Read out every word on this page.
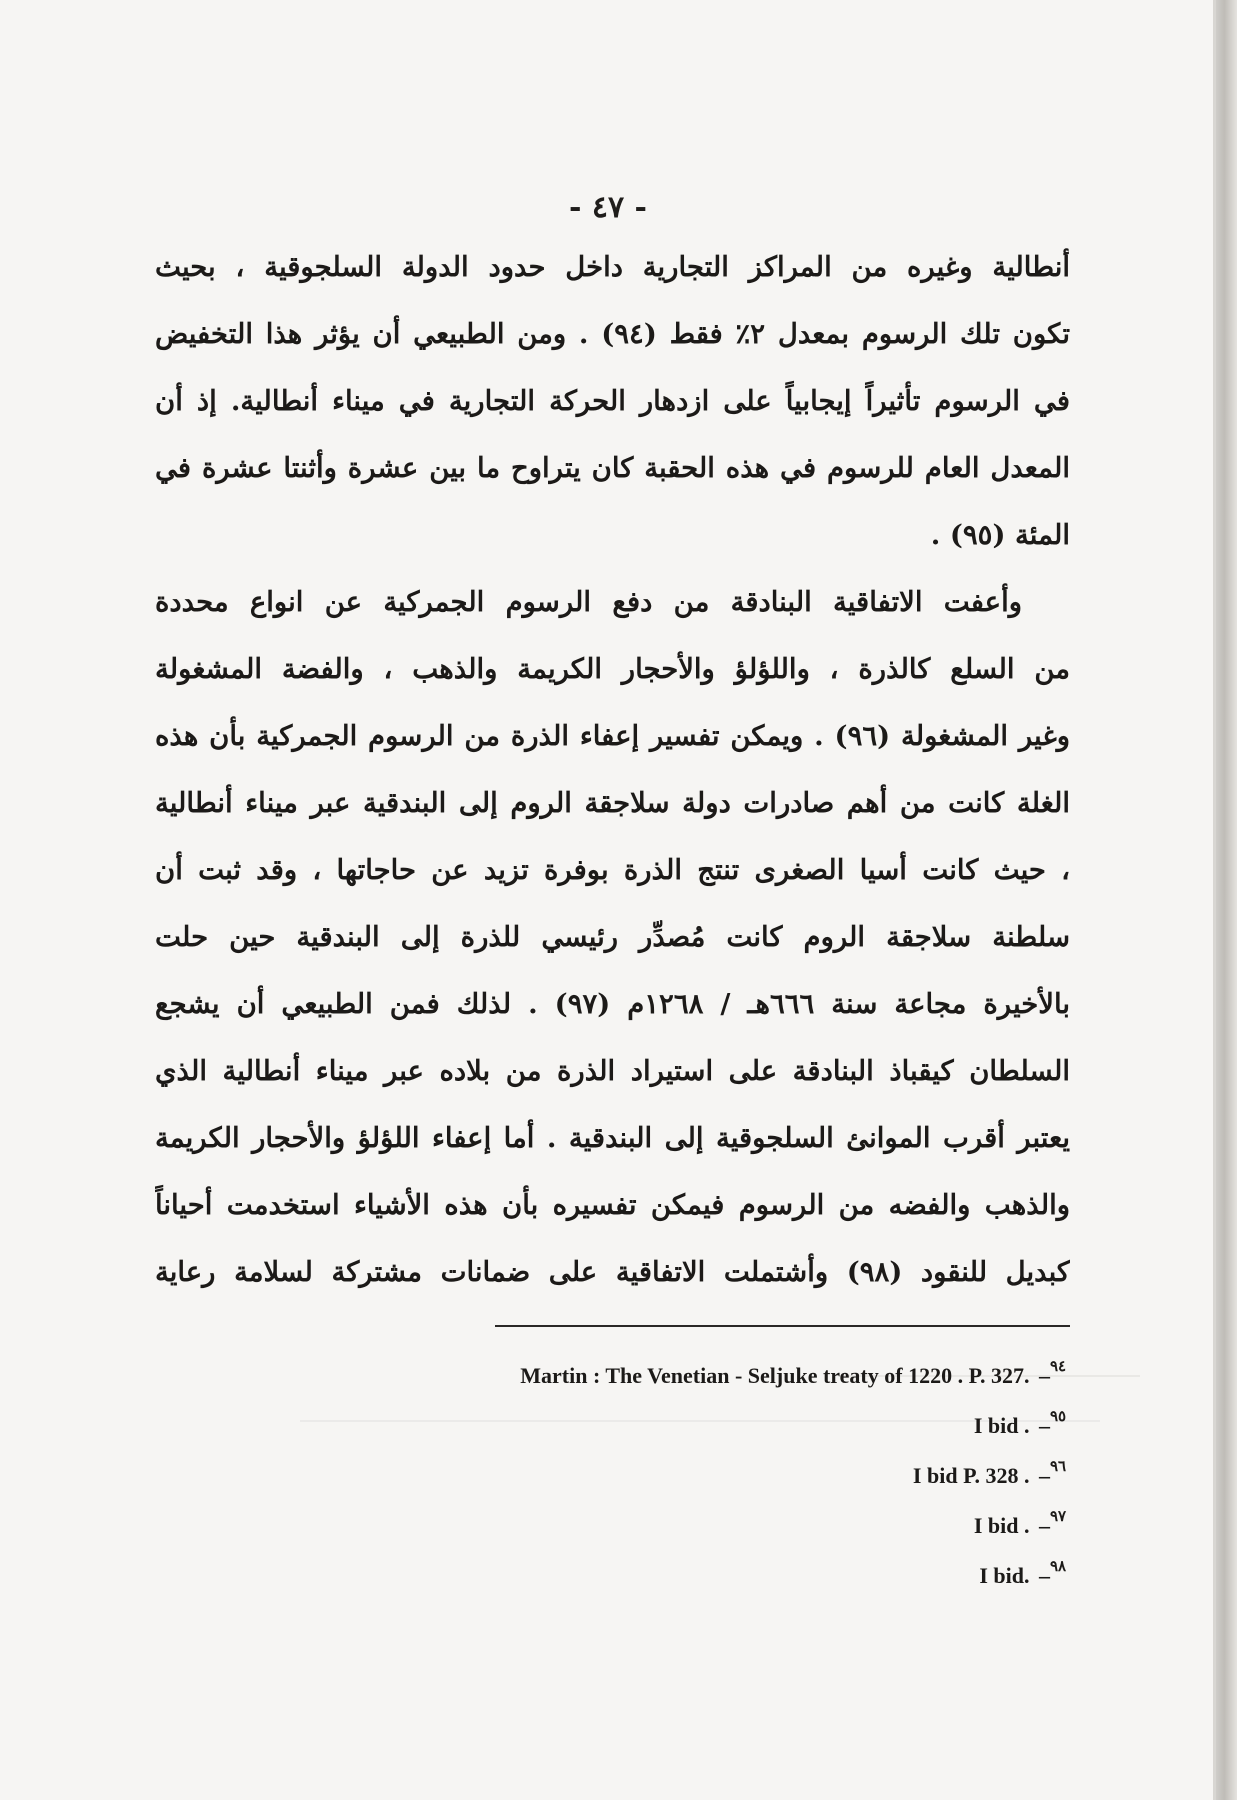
- ٤٧ -
أنطالية وغيره من المراكز التجارية داخل حدود الدولة السلجوقية ، بحيث
تكون تلك الرسوم بمعدل ٢٪ فقط (٩٤) . ومن الطبيعي أن يؤثر هذا التخفيض
في الرسوم تأثيراً إيجابياً على ازدهار الحركة التجارية في ميناء أنطالية. إذ أن
المعدل العام للرسوم في هذه الحقبة كان يتراوح ما بين عشرة وأثنتا عشرة في
المئة (٩٥) .
وأعفت الاتفاقية البنادقة من دفع الرسوم الجمركية عن انواع محددة
من السلع كالذرة ، واللؤلؤ والأحجار الكريمة والذهب ، والفضة المشغولة
وغير المشغولة (٩٦) . ويمكن تفسير إعفاء الذرة من الرسوم الجمركية بأن هذه
الغلة كانت من أهم صادرات دولة سلاجقة الروم إلى البندقية عبر ميناء أنطالية
، حيث كانت أسيا الصغرى تنتج الذرة بوفرة تزيد عن حاجاتها ، وقد ثبت أن
سلطنة سلاجقة الروم كانت مُصدِّر رئيسي للذرة إلى البندقية حين حلت
بالأخيرة مجاعة سنة ٦٦٦هـ / ١٢٦٨م (٩٧) . لذلك فمن الطبيعي أن يشجع
السلطان كيقباذ البنادقة على استيراد الذرة من بلاده عبر ميناء أنطالية الذي
يعتبر أقرب الموانئ السلجوقية إلى البندقية . أما إعفاء اللؤلؤ والأحجار الكريمة
والذهب والفضه من الرسوم فيمكن تفسيره بأن هذه الأشياء استخدمت أحياناً
كبديل للنقود (٩٨) وأشتملت الاتفاقية على ضمانات مشتركة لسلامة رعاية
Martin : The Venetian - Seljuke treaty of 1220 . P. 327. –٩٤
I bid . –٩٥
I bid P. 328 . –٩٦
I bid . –٩٧
I bid. –٩٨
